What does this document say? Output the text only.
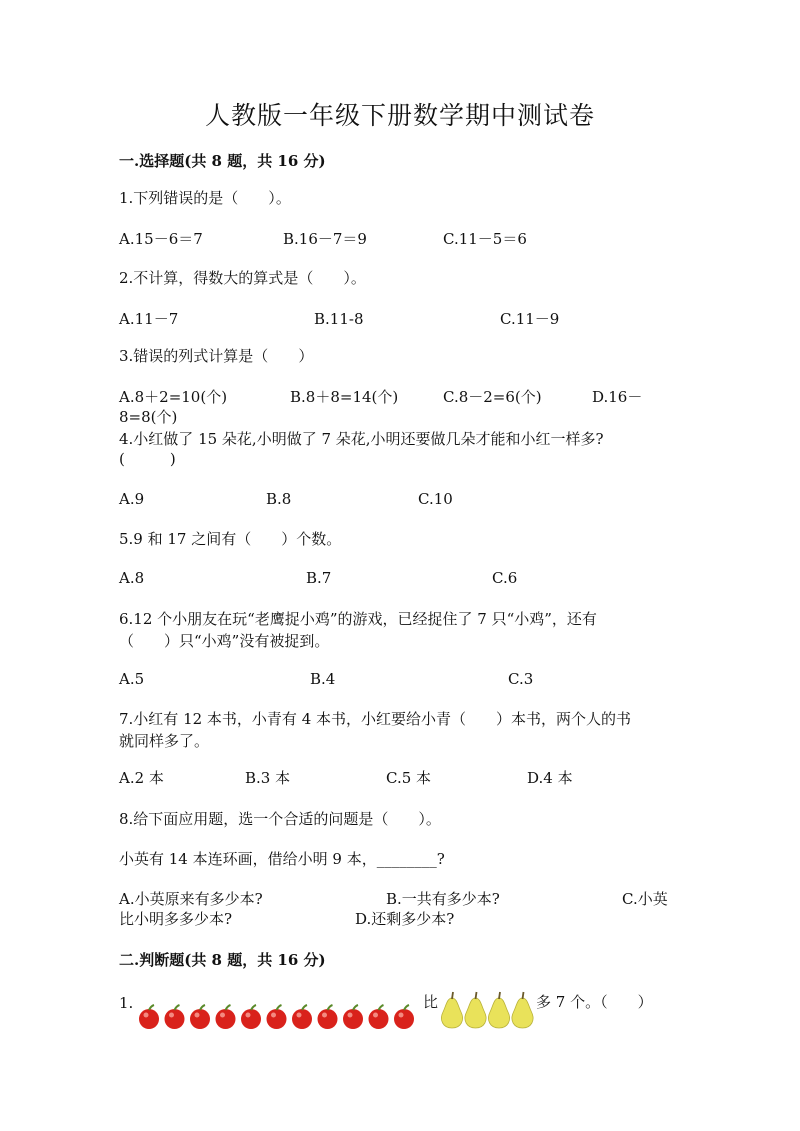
人教版一年级下册数学期中测试卷
一.选择题(共 8 题，共 16 分)
1.下列错误的是（　　）。
A.15－6＝7	B.16－7＝9	C.11－5＝6
2.不计算，得数大的算式是（　　）。
A.11－7	B.11-8	C.11－9
3.错误的列式计算是（　　）
A.8＋2=10(个)	B.8＋8=14(个)	C.8－2=6(个)	D.16－
8=8(个)
4.小红做了 15 朵花,小明做了 7 朵花,小明还要做几朵才能和小红一样多?
(　　　)
A.9	B.8	C.10
5.9 和 17 之间有（　　）个数。
A.8	B.7	C.6
6.12 个小朋友在玩“老鹰捉小鸡”的游戏，已经捉住了 7 只“小鸡”，还有
（　　）只“小鸡”没有被捉到。
A.5	B.4	C.3
7.小红有 12 本书，小青有 4 本书，小红要给小青（　　）本书，两个人的书
就同样多了。
A.2 本	B.3 本	C.5 本	D.4 本
8.给下面应用题，选一个合适的问题是（　　）。
小英有 14 本连环画，借给小明 9 本，________?
A.小英原来有多少本?	B.一共有多少本?	C.小英
比小明多多少本?	D.还剩多少本?
二.判断题(共 8 题，共 16 分)
1.	比	多 7 个。（　　）
